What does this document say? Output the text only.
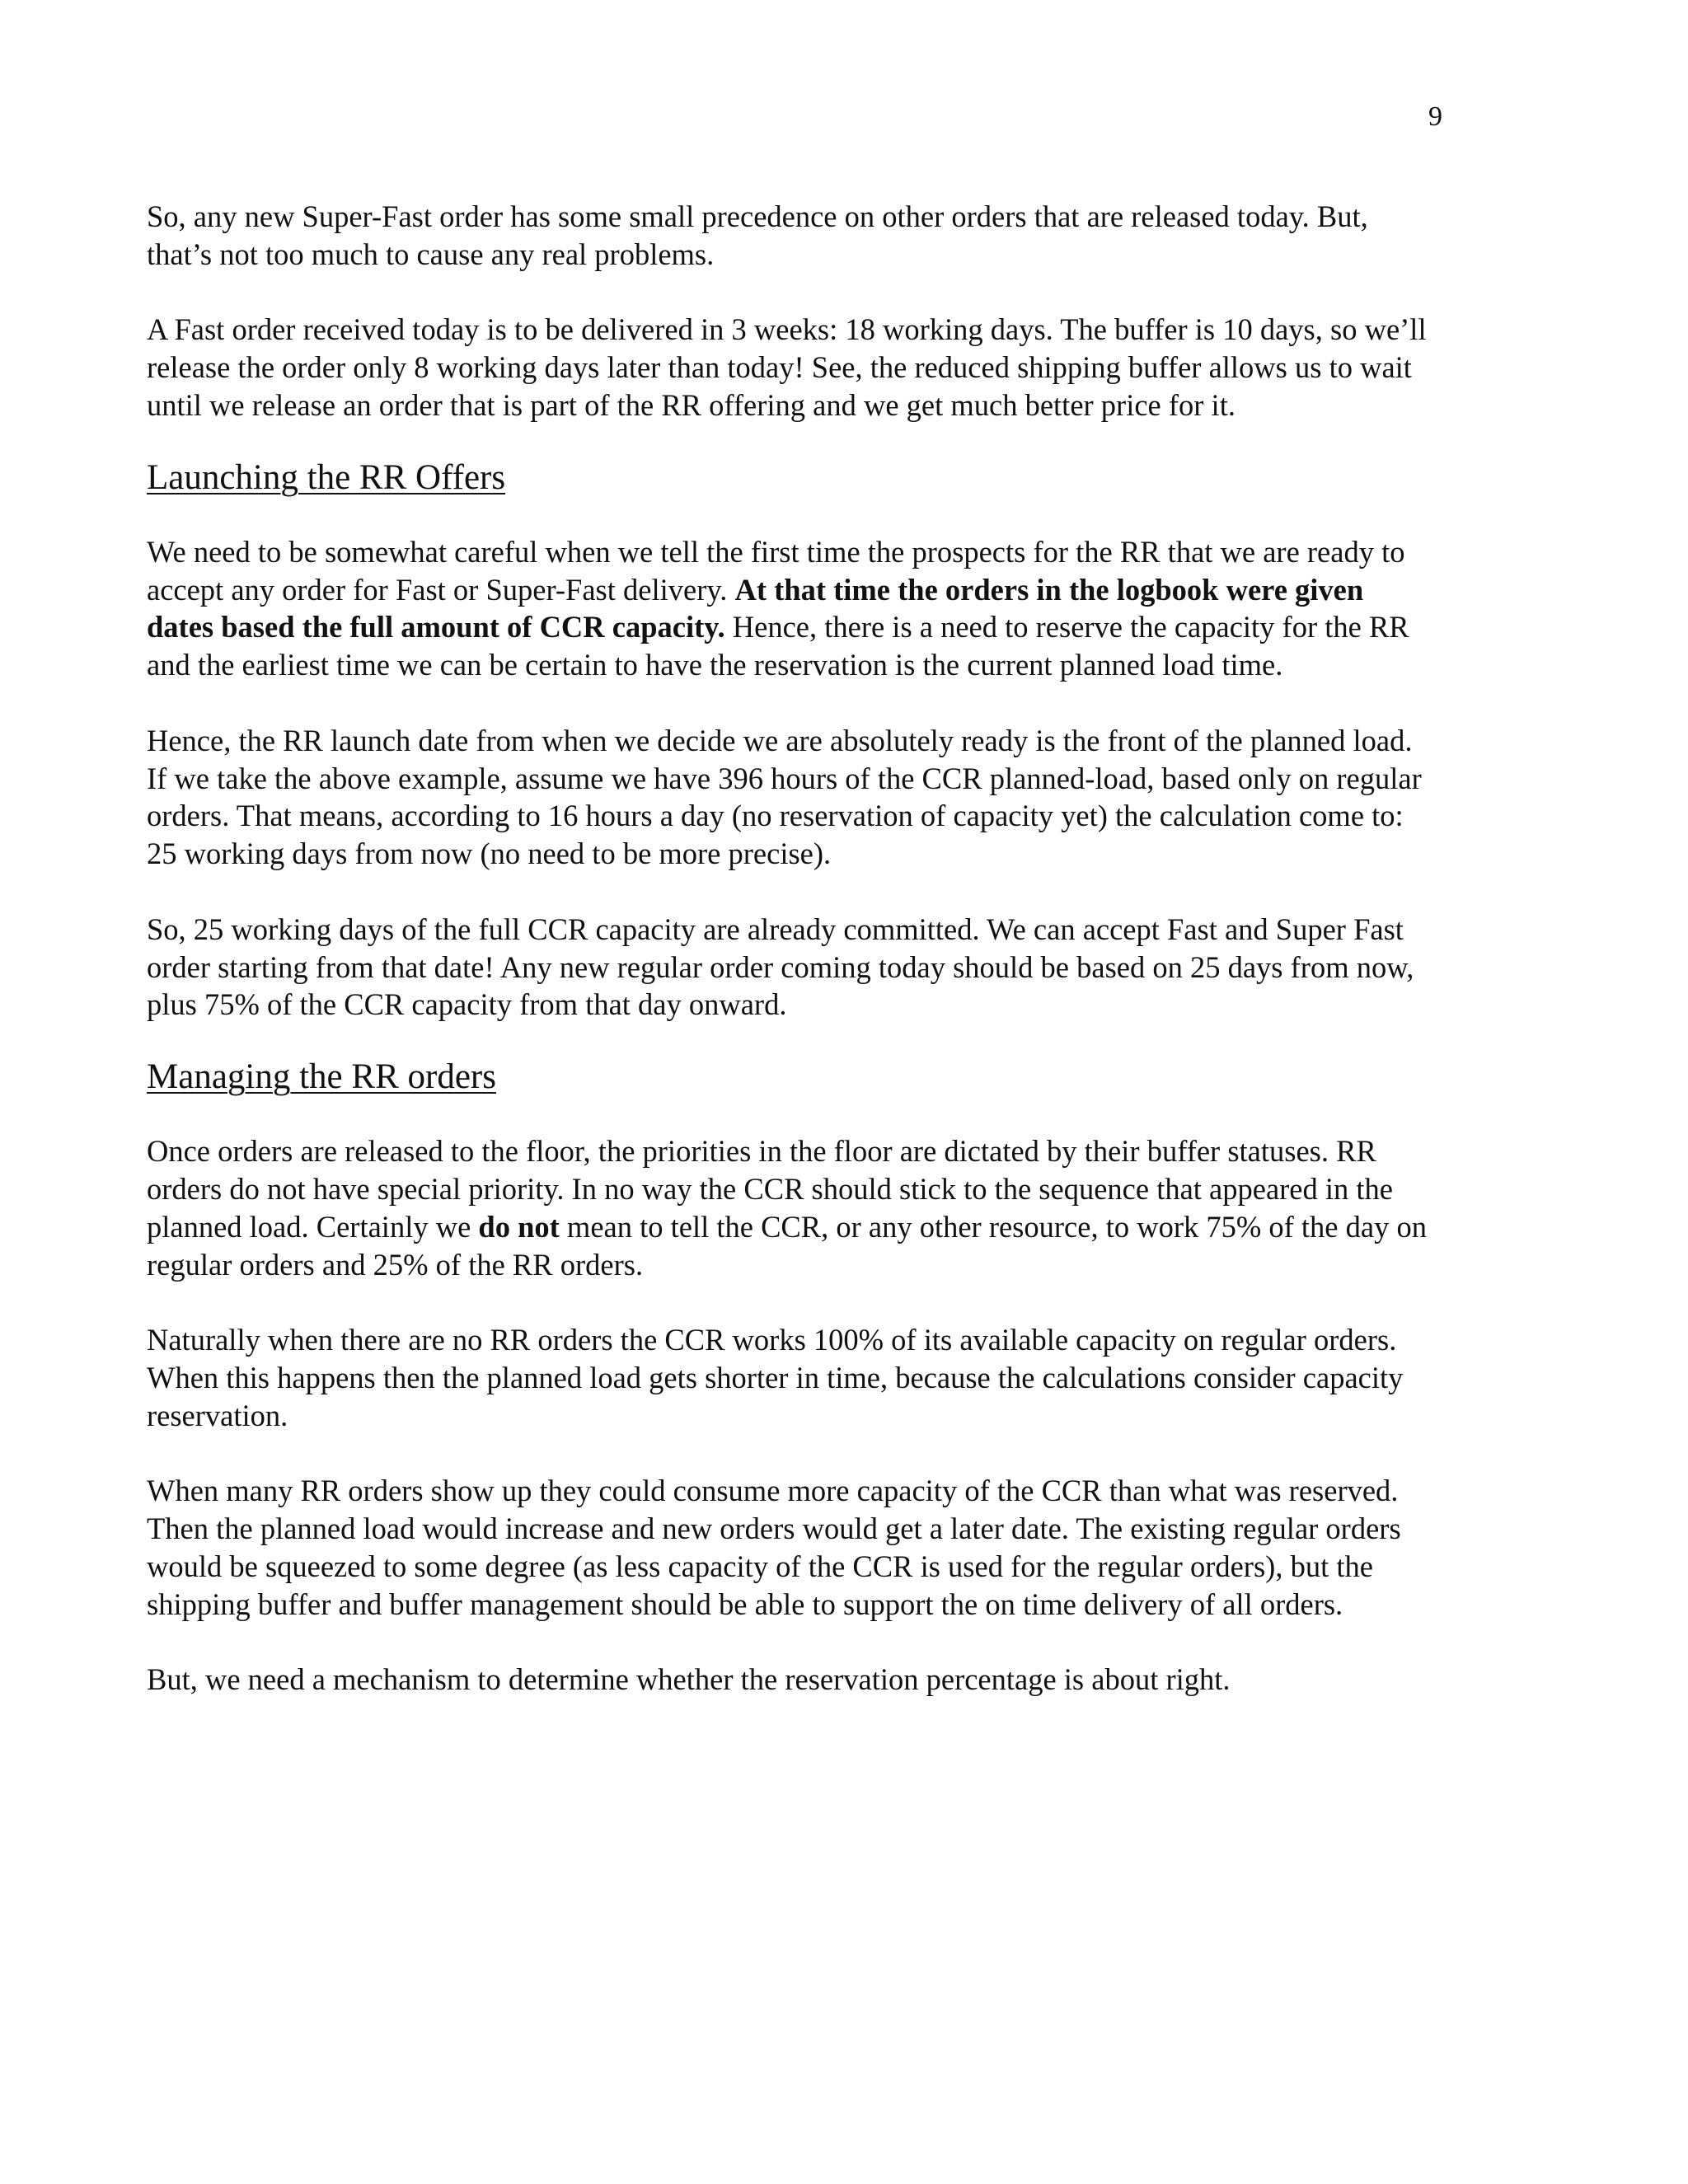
9

So, any new Super-Fast order has some small precedence on other orders that are released today. But, that’s not too much to cause any real problems.

A Fast order received today is to be delivered in 3 weeks: 18 working days. The buffer is 10 days, so we’ll release the order only 8 working days later than today! See, the reduced shipping buffer allows us to wait until we release an order that is part of the RR offering and we get much better price for it.

Launching the RR Offers

We need to be somewhat careful when we tell the first time the prospects for the RR that we are ready to accept any order for Fast or Super-Fast delivery. At that time the orders in the logbook were given dates based the full amount of CCR capacity. Hence, there is a need to reserve the capacity for the RR and the earliest time we can be certain to have the reservation is the current planned load time.

Hence, the RR launch date from when we decide we are absolutely ready is the front of the planned load.

If we take the above example, assume we have 396 hours of the CCR planned-load, based only on regular orders. That means, according to 16 hours a day (no reservation of capacity yet) the calculation come to: 25 working days from now (no need to be more precise).

So, 25 working days of the full CCR capacity are already committed. We can accept Fast and Super Fast order starting from that date! Any new regular order coming today should be based on 25 days from now, plus 75% of the CCR capacity from that day onward.

Managing the RR orders

Once orders are released to the floor, the priorities in the floor are dictated by their buffer statuses. RR orders do not have special priority. In no way the CCR should stick to the sequence that appeared in the planned load. Certainly we do not mean to tell the CCR, or any other resource, to work 75% of the day on regular orders and 25% of the RR orders.

Naturally when there are no RR orders the CCR works 100% of its available capacity on regular orders. When this happens then the planned load gets shorter in time, because the calculations consider capacity reservation.

When many RR orders show up they could consume more capacity of the CCR than what was reserved. Then the planned load would increase and new orders would get a later date. The existing regular orders would be squeezed to some degree (as less capacity of the CCR is used for the regular orders), but the shipping buffer and buffer management should be able to support the on time delivery of all orders.

But, we need a mechanism to determine whether the reservation percentage is about right.
